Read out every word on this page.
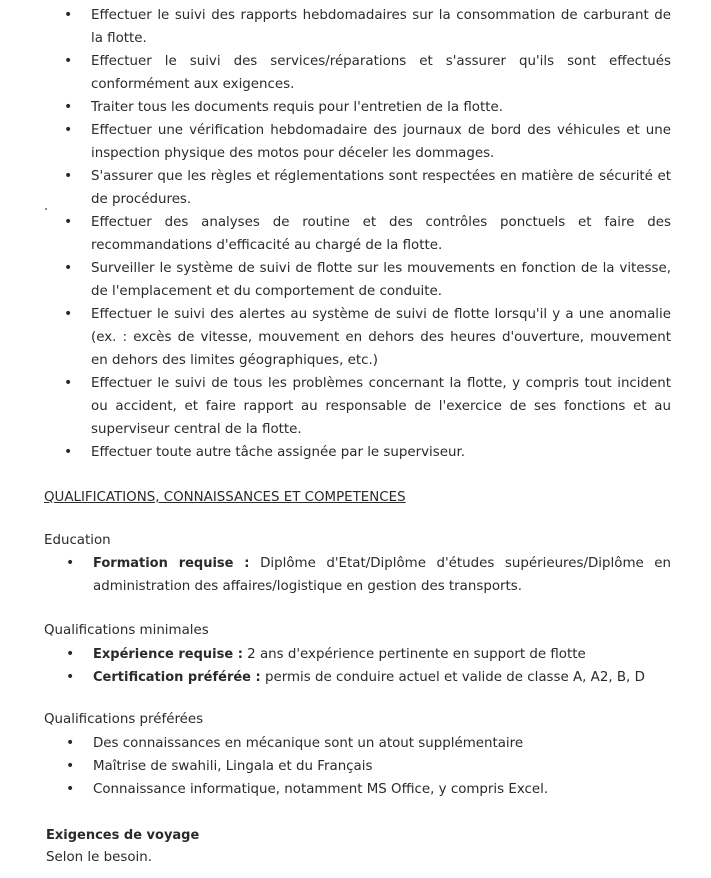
• Effectuer le suivi des rapports hebdomadaires sur la consommation de carburant de la flotte.
• Effectuer le suivi des services/réparations et s'assurer qu'ils sont effectués conformément aux exigences.
• Traiter tous les documents requis pour l'entretien de la flotte.
• Effectuer une vérification hebdomadaire des journaux de bord des véhicules et une inspection physique des motos pour déceler les dommages.
• S'assurer que les règles et réglementations sont respectées en matière de sécurité et de procédures.
• Effectuer des analyses de routine et des contrôles ponctuels et faire des recommandations d'efficacité au chargé de la flotte.
• Surveiller le système de suivi de flotte sur les mouvements en fonction de la vitesse, de l'emplacement et du comportement de conduite.
• Effectuer le suivi des alertes au système de suivi de flotte lorsqu'il y a une anomalie (ex. : excès de vitesse, mouvement en dehors des heures d'ouverture, mouvement en dehors des limites géographiques, etc.)
• Effectuer le suivi de tous les problèmes concernant la flotte, y compris tout incident ou accident, et faire rapport au responsable de l'exercice de ses fonctions et au superviseur central de la flotte.
• Effectuer toute autre tâche assignée par le superviseur.
QUALIFICATIONS, CONNAISSANCES ET COMPETENCES
Education
• Formation requise : Diplôme d'Etat/Diplôme d'études supérieures/Diplôme en administration des affaires/logistique en gestion des transports.
Qualifications minimales
• Expérience requise : 2 ans d'expérience pertinente en support de flotte
• Certification préférée : permis de conduire actuel et valide de classe A, A2, B, D
Qualifications préférées
• Des connaissances en mécanique sont un atout supplémentaire
• Maîtrise de swahili, Lingala et du Français
• Connaissance informatique, notamment MS Office, y compris Excel.
Exigences de voyage

Selon le besoin.
